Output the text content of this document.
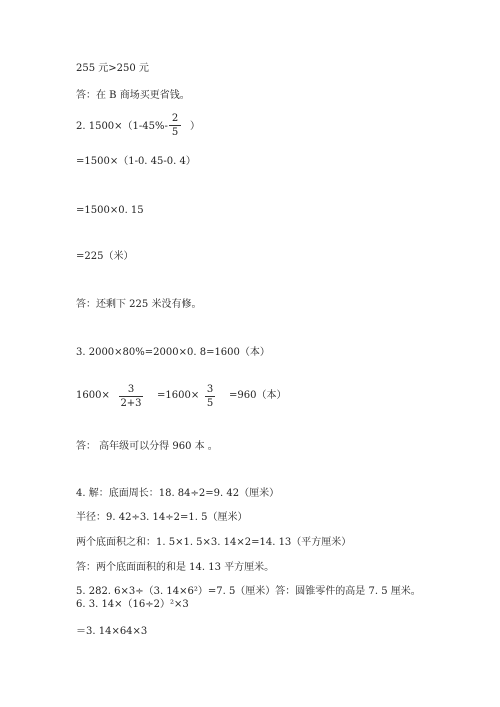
255 元>250 元
答：在 B 商场买更省钱。
2. 1500×（1-45%-
2
5
）
=1500×（1-0. 45-0. 4）
=1500×0. 15
=225（米）
答：还剩下 225 米没有修。
3. 2000×80%=2000×0. 8=1600（本）
1600×
3
2+3
=1600×
3
5
=960（本）
答： 高年级可以分得 960 本 。
4. 解：底面周长：18. 84÷2=9. 42（厘米）
半径：9. 42÷3. 14÷2=1. 5（厘米）
两个底面积之和：1. 5×1. 5×3. 14×2=14. 13（平方厘米）
答：两个底面面积的和是 14. 13 平方厘米。
5. 282. 6×3÷（3. 14×6²）=7. 5（厘米）答：圆锥零件的高是 7. 5 厘米。
6. 3. 14×（16÷2）²×3
＝3. 14×64×3
